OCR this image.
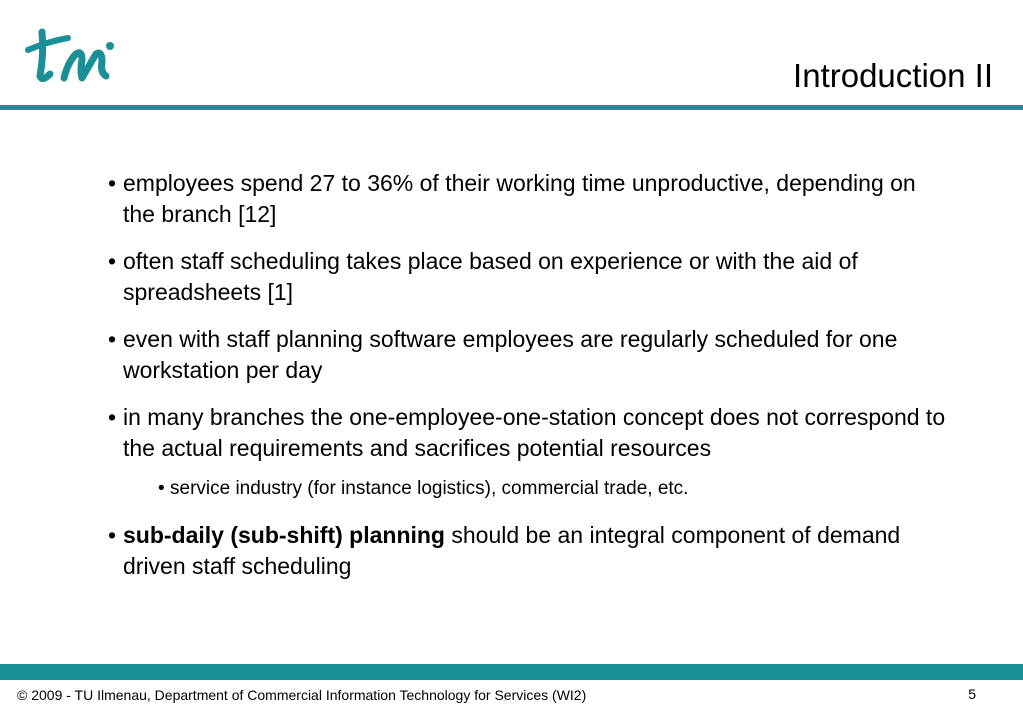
Introduction II
• employees spend 27 to 36% of their working time unproductive, depending on the branch [12]
• often staff scheduling takes place based on experience or with the aid of spreadsheets [1]
• even with staff planning software employees are regularly scheduled for one workstation per day
• in many branches the one-employee-one-station concept does not correspond to the actual requirements and sacrifices potential resources
• service industry (for instance logistics), commercial trade, etc.
• sub-daily (sub-shift) planning should be an integral component of demand driven staff scheduling
© 2009 - TU Ilmenau, Department of Commercial Information Technology for Services (WI2)	5
